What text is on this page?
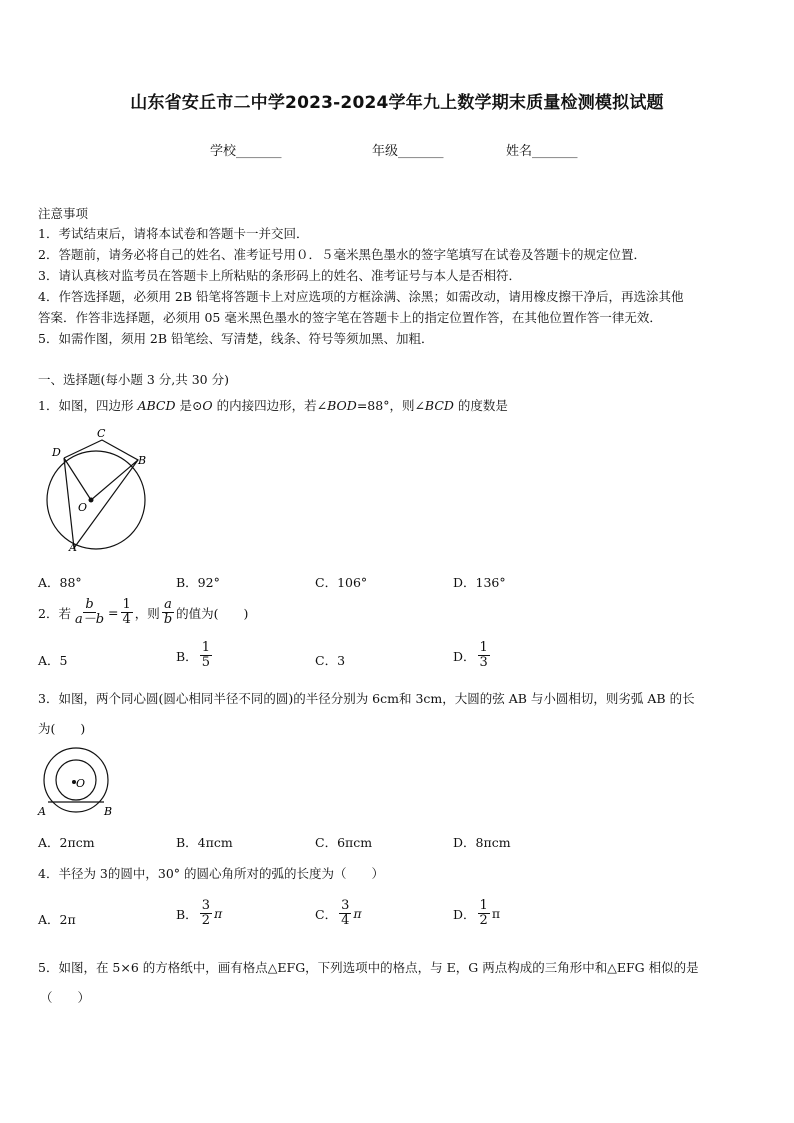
山东省安丘市二中学2023-2024学年九上数学期末质量检测模拟试题
学校_______	年级_______	姓名_______
注意事项
1．考试结束后，请将本试卷和答题卡一并交回．
2．答题前，请务必将自己的姓名、准考证号用０．５毫米黑色墨水的签字笔填写在试卷及答题卡的规定位置．
3．请认真核对监考员在答题卡上所粘贴的条形码上的姓名、准考证号与本人是否相符．
4．作答选择题，必须用 2B 铅笔将答题卡上对应选项的方框涂满、涂黑；如需改动，请用橡皮擦干净后，再选涂其他
答案．作答非选择题，必须用 05 毫米黑色墨水的签字笔在答题卡上的指定位置作答，在其他位置作答一律无效．
5．如需作图，须用 2B 铅笔绘、写清楚，线条、符号等须加黑、加粗．
一、选择题(每小题 3 分,共 30 分)
1．如图，四边形 ABCD 是⊙O 的内接四边形，若∠BOD=88°，则∠BCD 的度数是
D
C
B
O
A
A．88°	B．92°	C．106°	D．136°
2．若 $\frac{b}{a-b} = \frac{1}{4}$ ，则 $\frac{a}{b}$ 的值为(　　)
A．5	B． $\frac{1}{5}$	C．3	D． $\frac{1}{3}$
3．如图，两个同心圆(圆心相同半径不同的圆)的半径分别为 6cm和 3cm，大圆的弦 AB 与小圆相切，则劣弧 AB 的长
为(　　)
O
A	B
A．2πcm	B．4πcm	C．6πcm	D．8πcm
4．半径为 3的圆中，30° 的圆心角所对的弧的长度为（　　）
A．2π	B． $\frac{3}{2}$ π	C． $\frac{3}{4}$ π	D． $\frac{1}{2}$ π
5．如图，在 5×6 的方格纸中，画有格点△EFG，下列选项中的格点，与 E，G 两点构成的三角形中和△EFG 相似的是
（　　）
